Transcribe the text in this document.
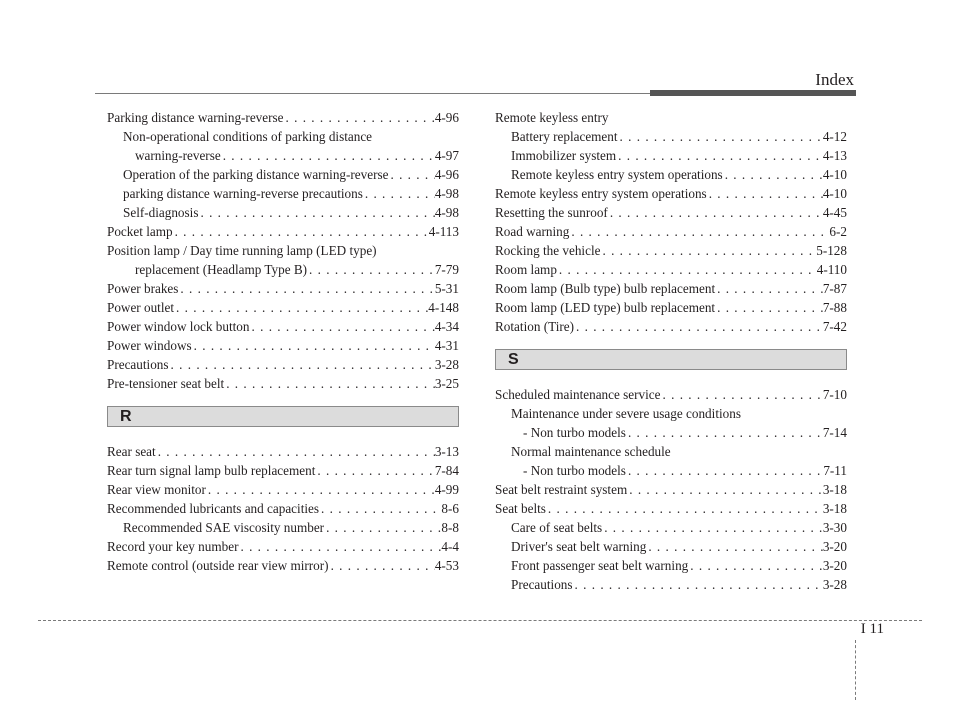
Index
Parking distance warning-reverse . . .	4-96
Non-operational conditions of parking distance
warning-reverse . . .	4-97
Operation of the parking distance warning-reverse . . .	4-96
parking distance warning-reverse precautions . . .	4-98
Self-diagnosis . . .	4-98
Pocket lamp . . .	4-113
Position lamp / Day time running lamp (LED type)
replacement (Headlamp Type B) . . .	7-79
Power brakes . . .	5-31
Power outlet . . .	4-148
Power window lock button . . .	4-34
Power windows . . .	4-31
Precautions . . .	3-28
Pre-tensioner seat belt . . .	3-25
R
Rear seat . . .	3-13
Rear turn signal lamp bulb replacement . . .	7-84
Rear view monitor . . .	4-99
Recommended lubricants and capacities . . .	8-6
Recommended SAE viscosity number . . .	8-8
Record your key number . . .	4-4
Remote control (outside rear view mirror) . . .	4-53
Remote keyless entry
Battery replacement . . .	4-12
Immobilizer system . . .	4-13
Remote keyless entry system operations . . .	4-10
Remote keyless entry system operations . . .	4-10
Resetting the sunroof . . .	4-45
Road warning . . .	6-2
Rocking the vehicle . . .	5-128
Room lamp . . .	4-110
Room lamp (Bulb type) bulb replacement . . .	7-87
Room lamp (LED type) bulb replacement . . .	7-88
Rotation (Tire) . . .	7-42
S
Scheduled maintenance service . . .	7-10
Maintenance under severe usage conditions
- Non turbo models . . .	7-14
Normal maintenance schedule
- Non turbo models . . .	7-11
Seat belt restraint system . . .	3-18
Seat belts . . .	3-18
Care of seat belts . . .	3-30
Driver's seat belt warning . . .	3-20
Front passenger seat belt warning . . .	3-20
Precautions . . .	3-28
I 11
